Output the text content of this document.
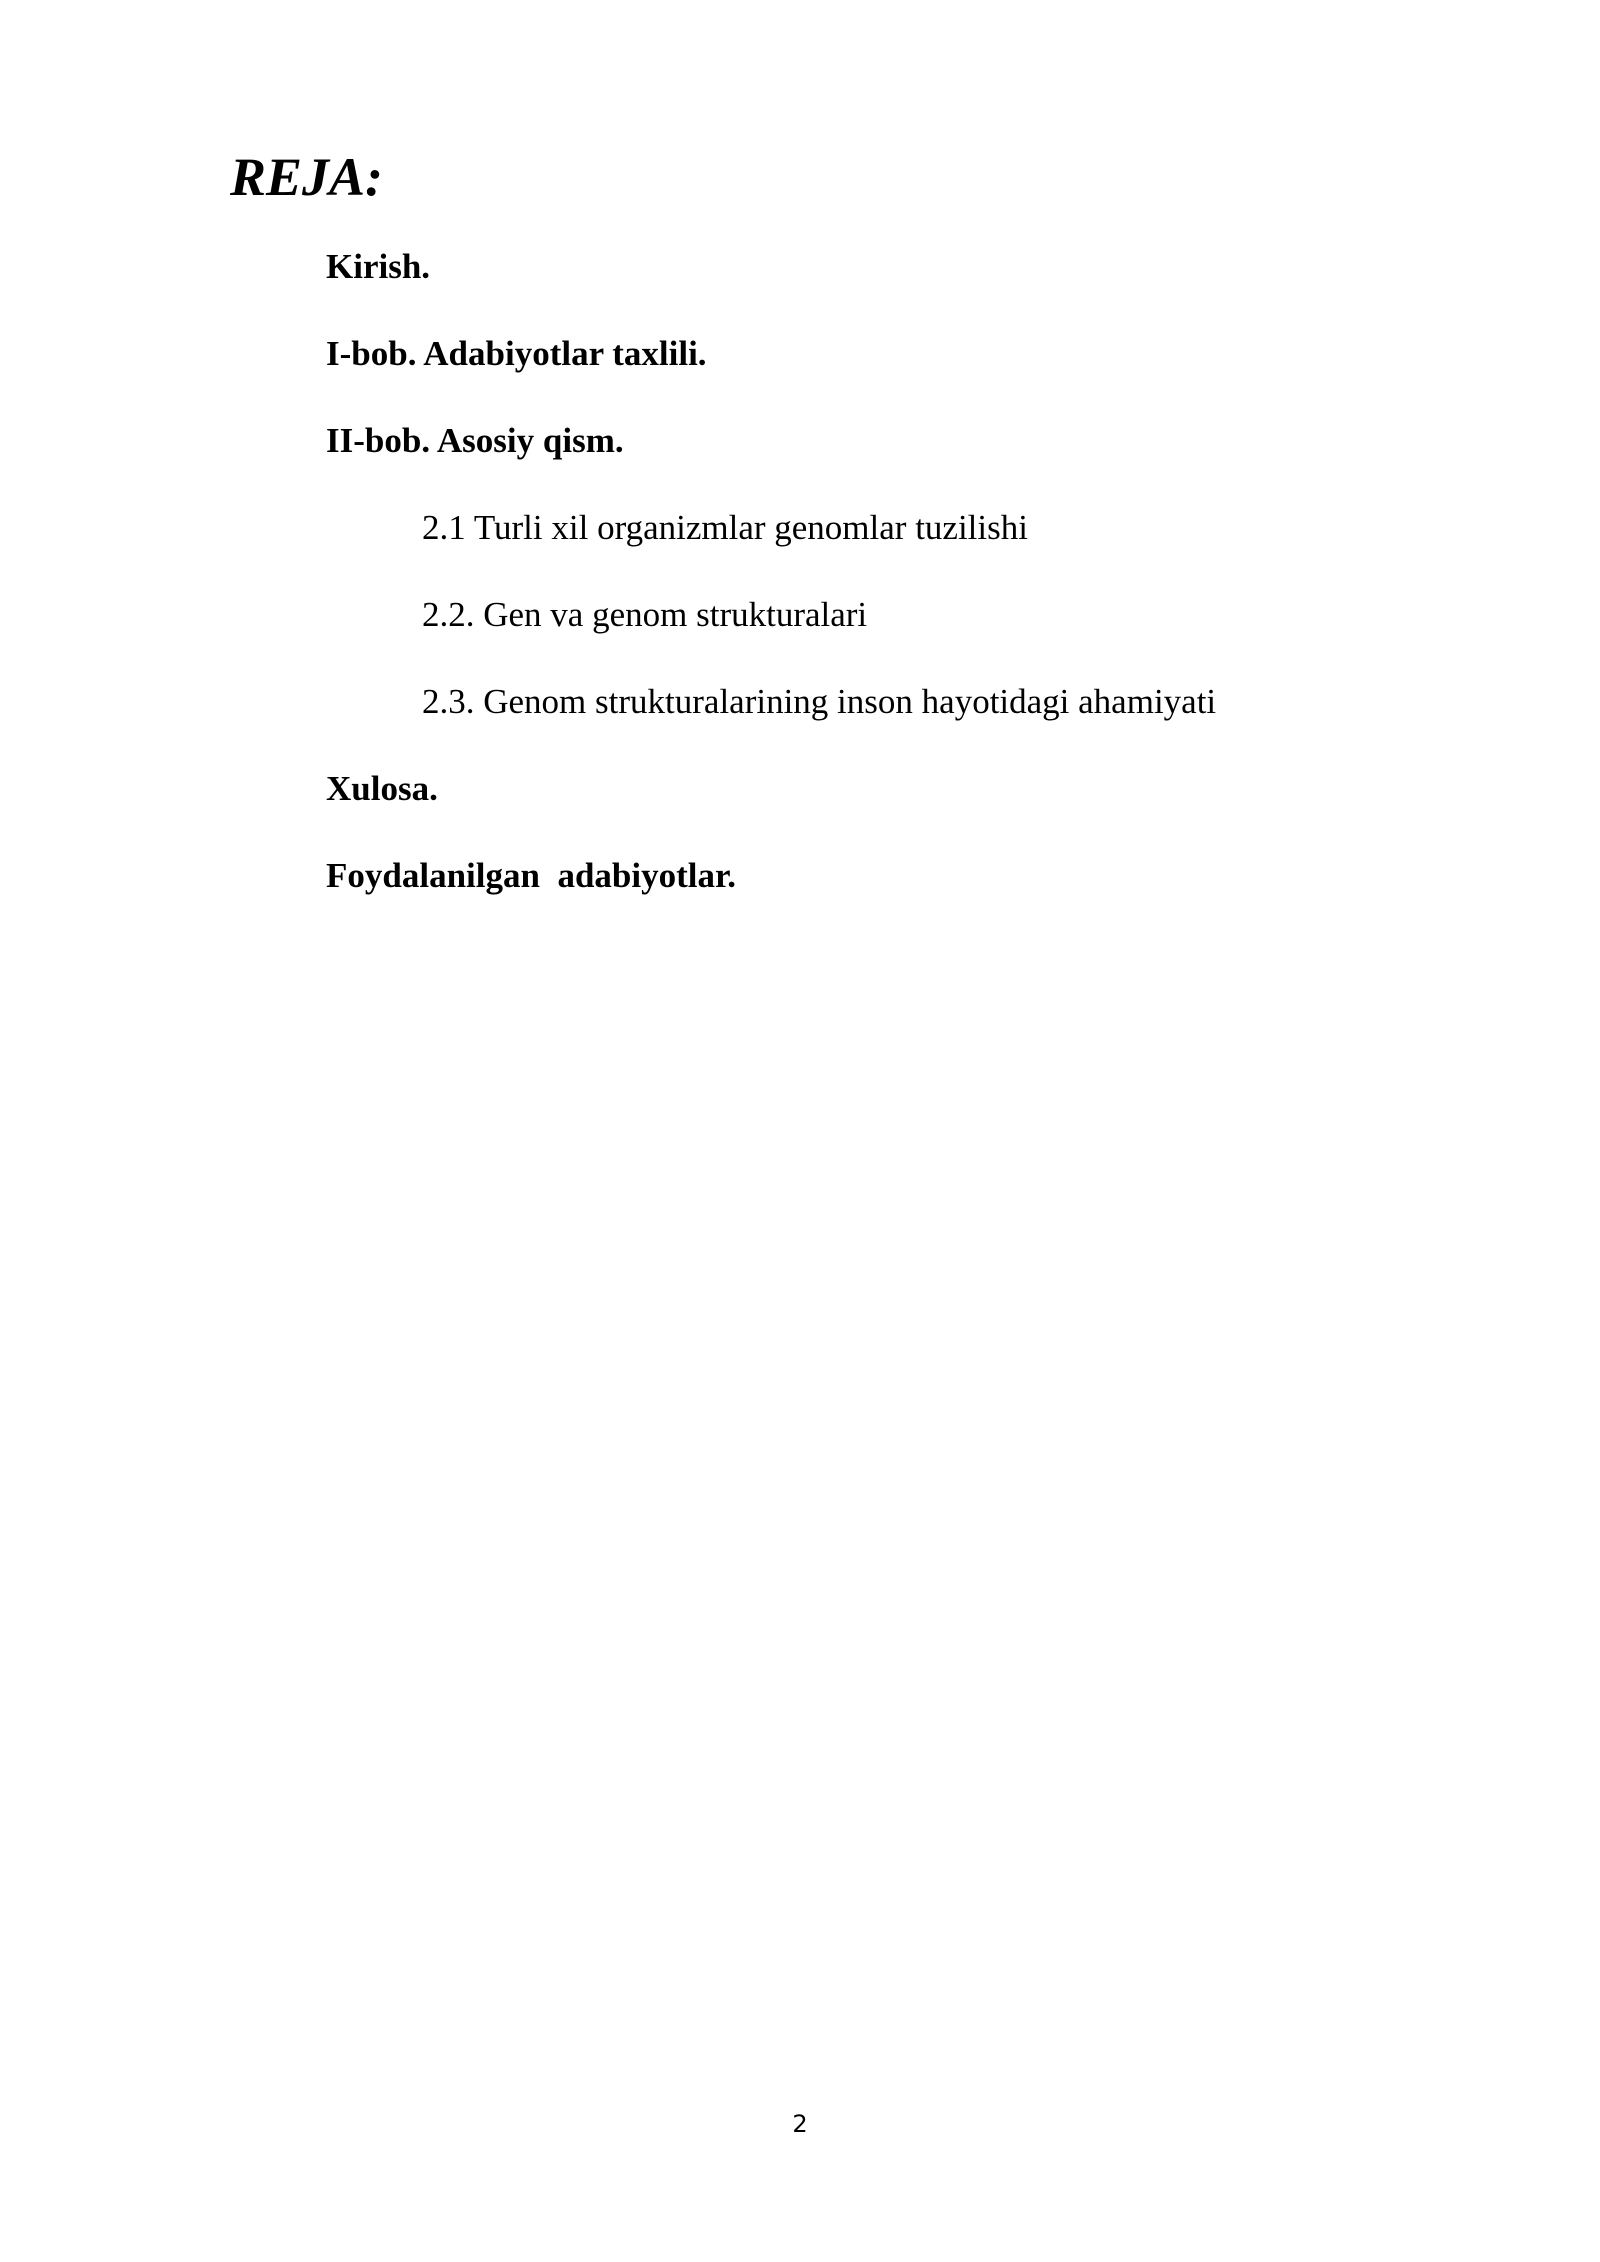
REJA:
Kirish.
I-bob. Adabiyotlar taxlili.
II-bob. Asosiy qism.
2.1 Turli xil organizmlar genomlar tuzilishi
2.2. Gen va genom strukturalari
2.3. Genom strukturalarining inson hayotidagi ahamiyati
Xulosa.
Foydalanilgan  adabiyotlar.
2
